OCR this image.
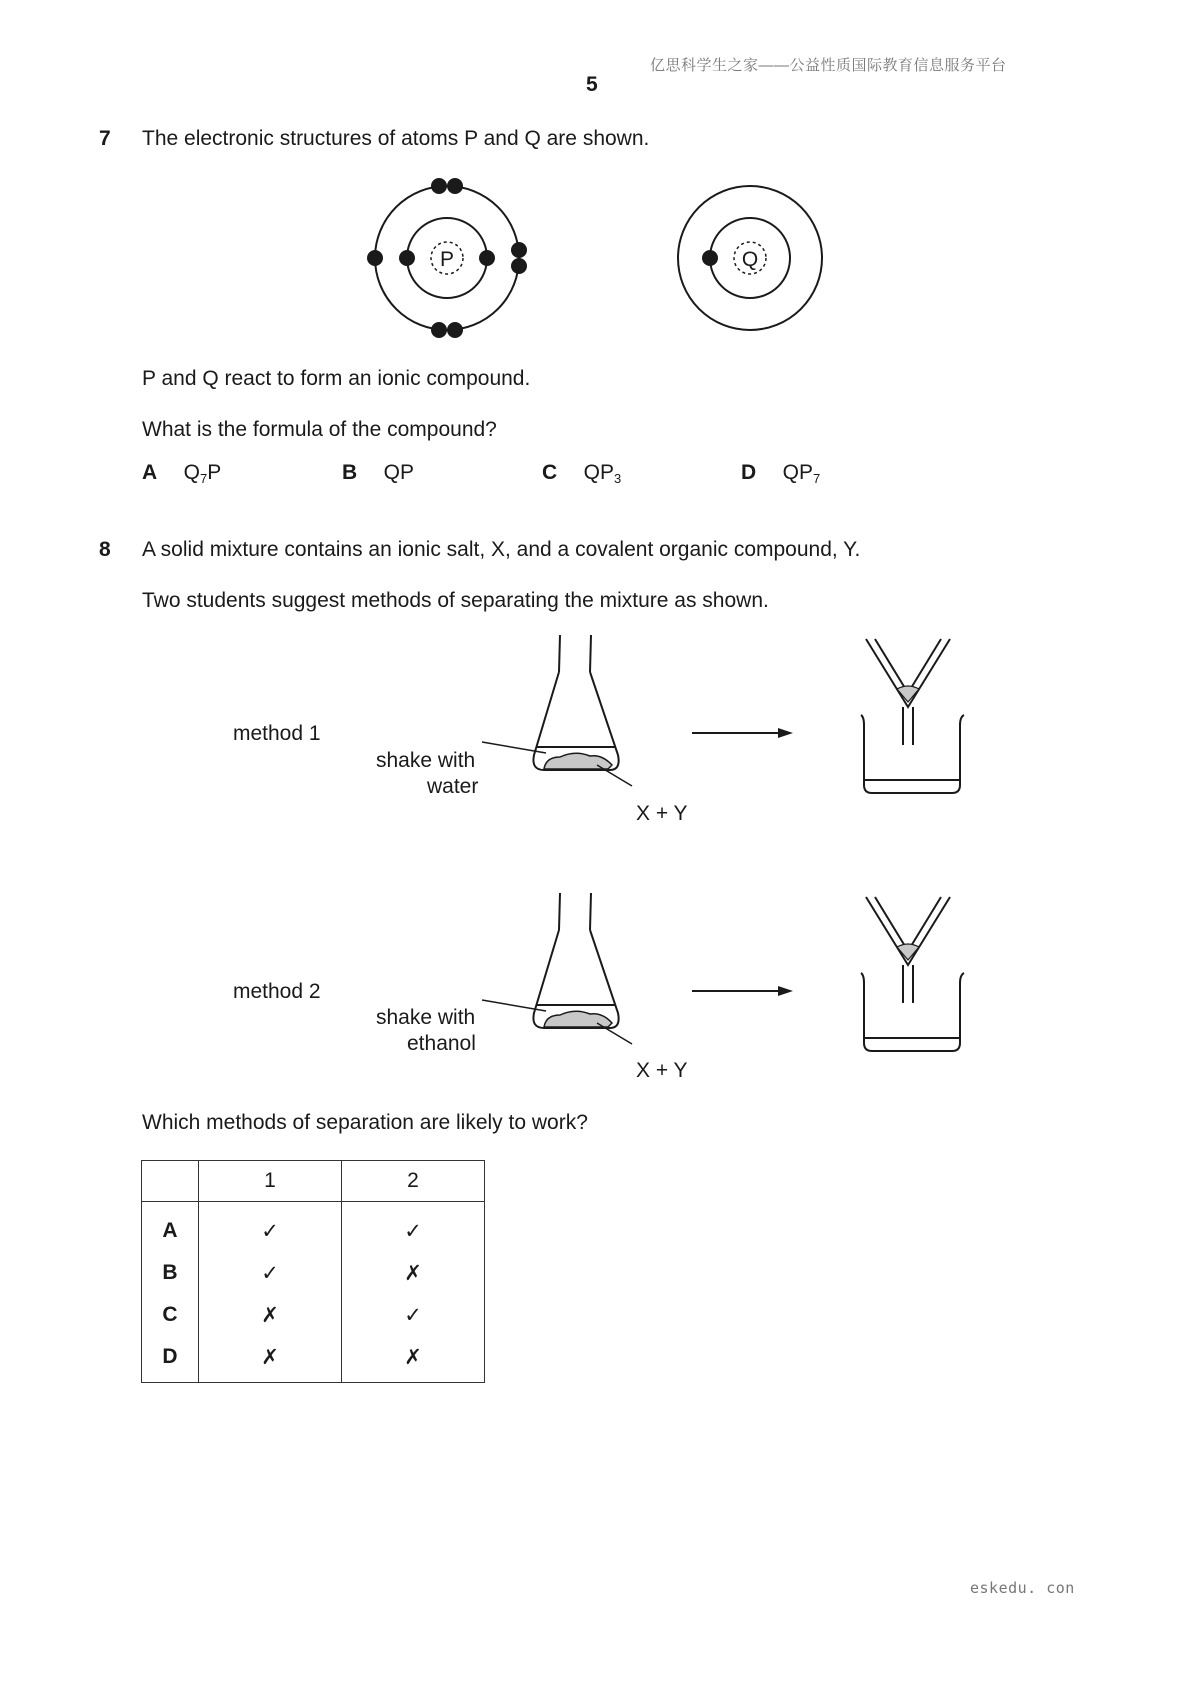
亿思科学生之家——公益性质国际教育信息服务平台
5
7 The electronic structures of atoms P and Q are shown.
P	Q
P and Q react to form an ionic compound.
What is the formula of the compound?
A $Q_7P$	B QP	C $QP_3$	D $QP_7$
8 A solid mixture contains an ionic salt, X, and a covalent organic compound, Y.
Two students suggest methods of separating the mixture as shown.
method 1
shake with
water
X + Y
method 2
shake with
ethanol
X + Y
Which methods of separation are likely to work?
	1	2
A	✓	✓
B	✓	✗
C	✗	✓
D	✗	✗
eskedu. con
